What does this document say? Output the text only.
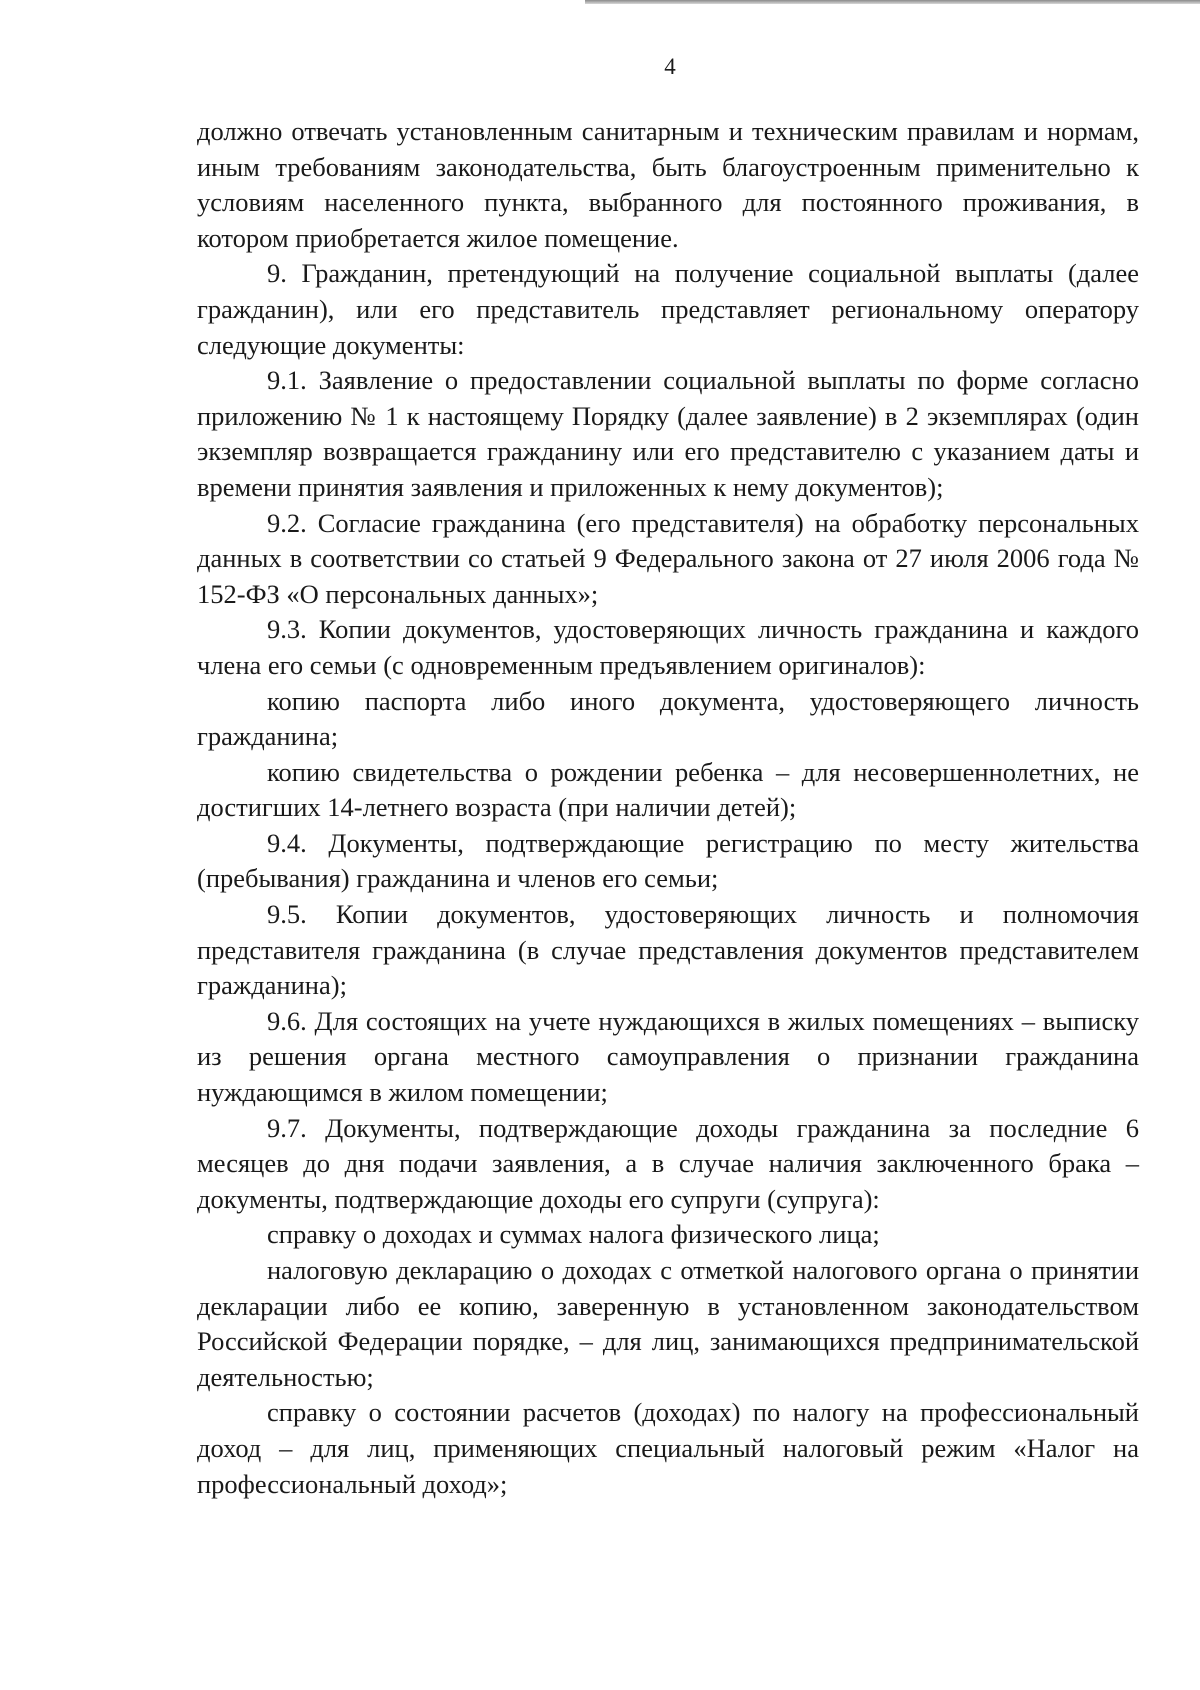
4

должно отвечать установленным санитарным и техническим правилам и нормам, иным требованиям законодательства, быть благоустроенным применительно к условиям населенного пункта, выбранного для постоянного проживания, в котором приобретается жилое помещение.

9. Гражданин, претендующий на получение социальной выплаты (далее гражданин), или его представитель представляет региональному оператору следующие документы:

9.1. Заявление о предоставлении социальной выплаты по форме согласно приложению № 1 к настоящему Порядку (далее заявление) в 2 экземплярах (один экземпляр возвращается гражданину или его представителю с указанием даты и времени принятия заявления и приложенных к нему документов);

9.2. Согласие гражданина (его представителя) на обработку персональных данных в соответствии со статьей 9 Федерального закона от 27 июля 2006 года № 152-ФЗ «О персональных данных»;

9.3. Копии документов, удостоверяющих личность гражданина и каждого члена его семьи (с одновременным предъявлением оригиналов):

копию паспорта либо иного документа, удостоверяющего личность гражданина;

копию свидетельства о рождении ребенка – для несовершеннолетних, не достигших 14-летнего возраста (при наличии детей);

9.4. Документы, подтверждающие регистрацию по месту жительства (пребывания) гражданина и членов его семьи;

9.5. Копии документов, удостоверяющих личность и полномочия представителя гражданина (в случае представления документов представителем гражданина);

9.6. Для состоящих на учете нуждающихся в жилых помещениях – выписку из решения органа местного самоуправления о признании гражданина нуждающимся в жилом помещении;

9.7. Документы, подтверждающие доходы гражданина за последние 6 месяцев до дня подачи заявления, а в случае наличия заключенного брака – документы, подтверждающие доходы его супруги (супруга):

справку о доходах и суммах налога физического лица;

налоговую декларацию о доходах с отметкой налогового органа о принятии декларации либо ее копию, заверенную в установленном законодательством Российской Федерации порядке, – для лиц, занимающихся предпринимательской деятельностью;

справку о состоянии расчетов (доходах) по налогу на профессиональный доход – для лиц, применяющих специальный налоговый режим «Налог на профессиональный доход»;
